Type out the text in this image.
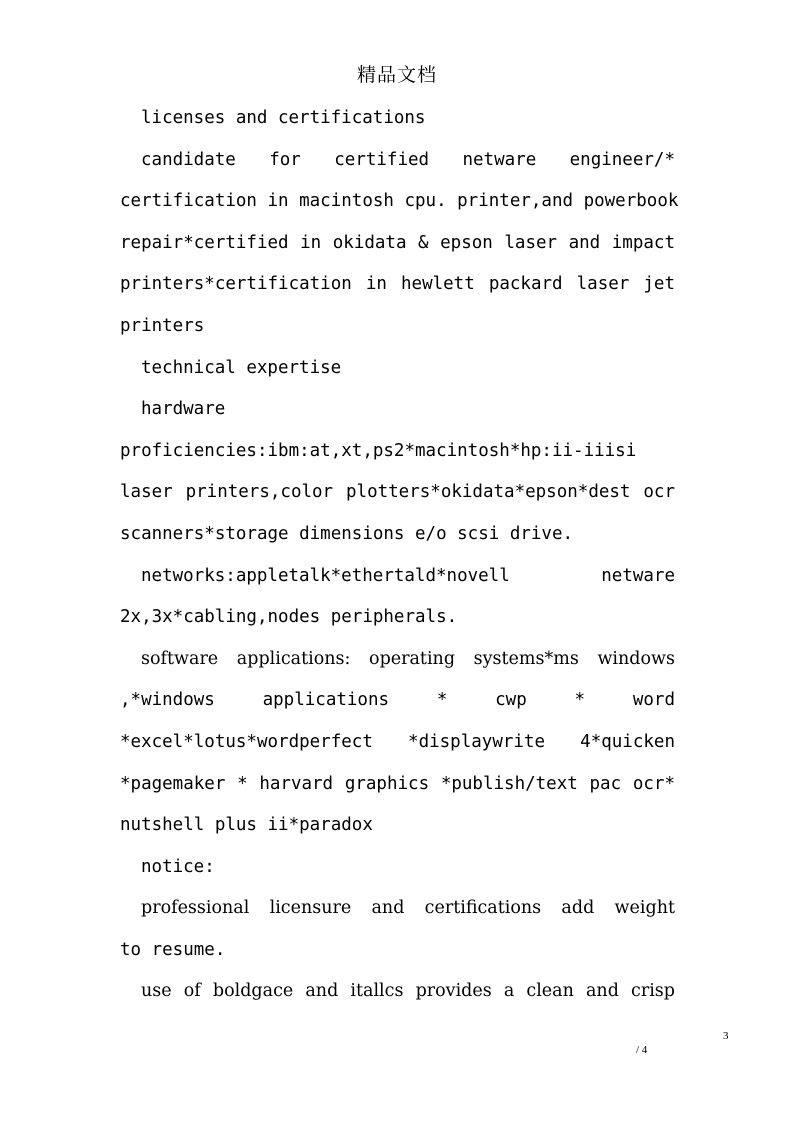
精品文档
licenses and certifications
candidate for certified netware engineer/*
certification in macintosh cpu. printer,and powerbook
repair*certified in okidata & epson laser and impact
printers*certification in hewlett packard laser jet
printers
technical expertise
hardware
proficiencies:ibm:at,xt,ps2*macintosh*hp:ii-iiisi
laser printers,color plotters*okidata*epson*dest ocr
scanners*storage dimensions e/o scsi drive.
networks:appletalk*ethertald*novell netware
2x,3x*cabling,nodes peripherals.
software applications: operating systems*ms windows
,*windows applications * cwp * word
*excel*lotus*wordperfect *displaywrite 4*quicken
*pagemaker * harvard graphics *publish/text pac ocr*
nutshell plus ii*paradox
notice:
professional licensure and certifications add weight
to resume.
use of boldgace and itallcs provides a clean and crisp
3
/ 4
